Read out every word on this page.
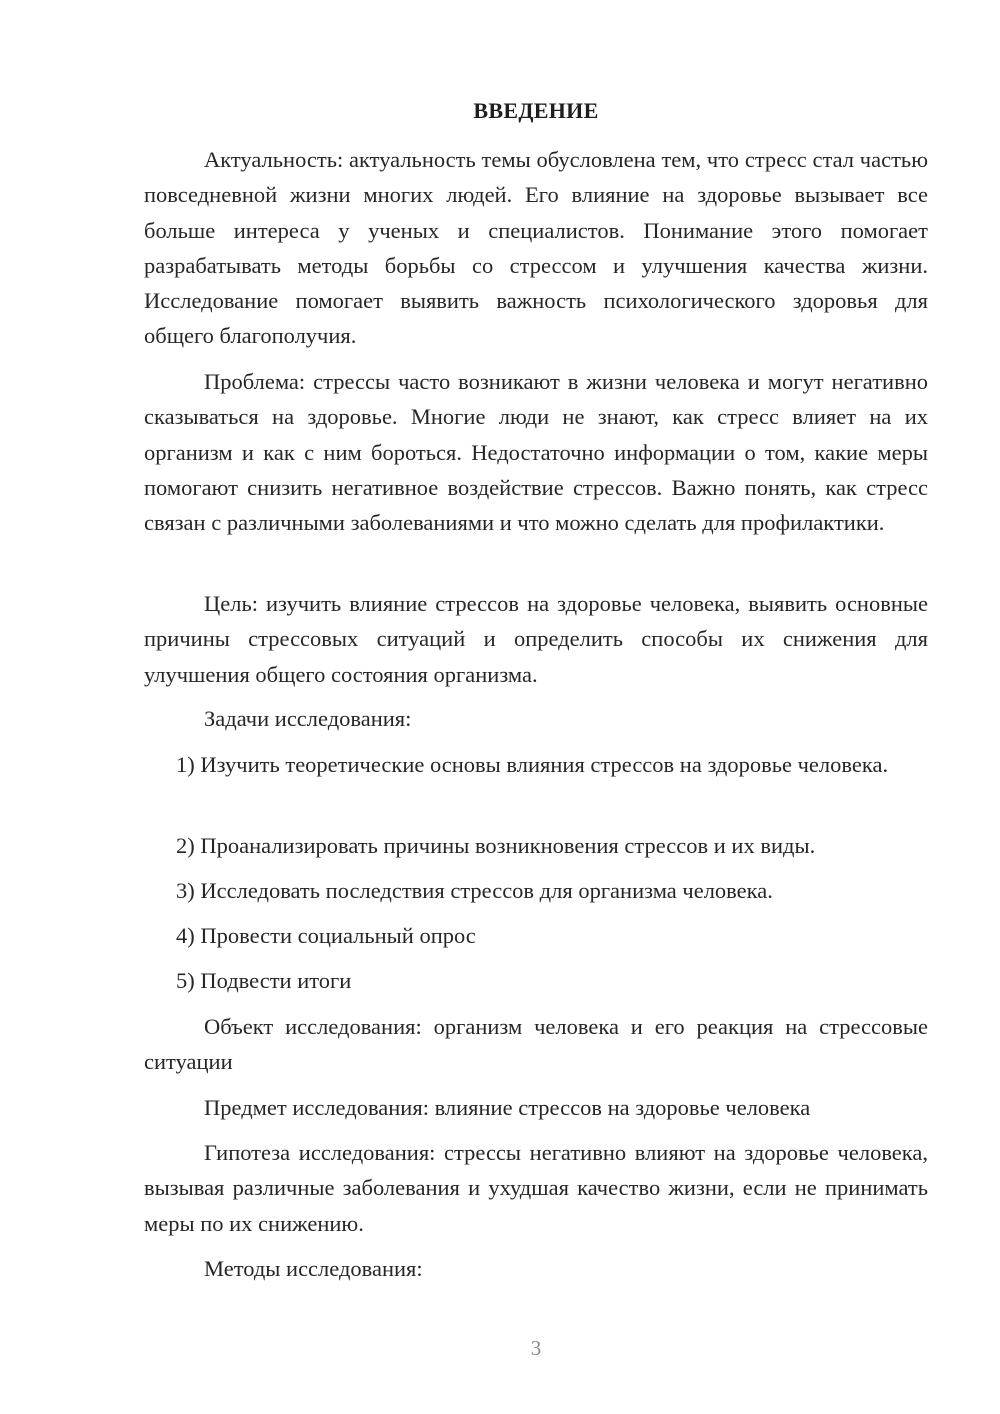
ВВЕДЕНИЕ

Актуальность: актуальность темы обусловлена тем, что стресс стал частью повседневной жизни многих людей. Его влияние на здоровье вызывает все больше интереса у ученых и специалистов. Понимание этого помогает разрабатывать методы борьбы со стрессом и улучшения качества жизни. Исследование помогает выявить важность психологического здоровья для общего благополучия.

Проблема: стрессы часто возникают в жизни человека и могут негативно сказываться на здоровье. Многие люди не знают, как стресс влияет на их организм и как с ним бороться. Недостаточно информации о том, какие меры помогают снизить негативное воздействие стрессов. Важно понять, как стресс связан с различными заболеваниями и что можно сделать для профилактики.

Цель: изучить влияние стрессов на здоровье человека, выявить основные причины стрессовых ситуаций и определить способы их снижения для улучшения общего состояния организма.

Задачи исследования:

1) Изучить теоретические основы влияния стрессов на здоровье человека.

2) Проанализировать причины возникновения стрессов и их виды.

3) Исследовать последствия стрессов для организма человека.

4) Провести социальный опрос

5) Подвести итоги

Объект исследования: организм человека и его реакция на стрессовые ситуации

Предмет исследования: влияние стрессов на здоровье человека

Гипотеза исследования: стрессы негативно влияют на здоровье человека, вызывая различные заболевания и ухудшая качество жизни, если не принимать меры по их снижению.

Методы исследования:

3
